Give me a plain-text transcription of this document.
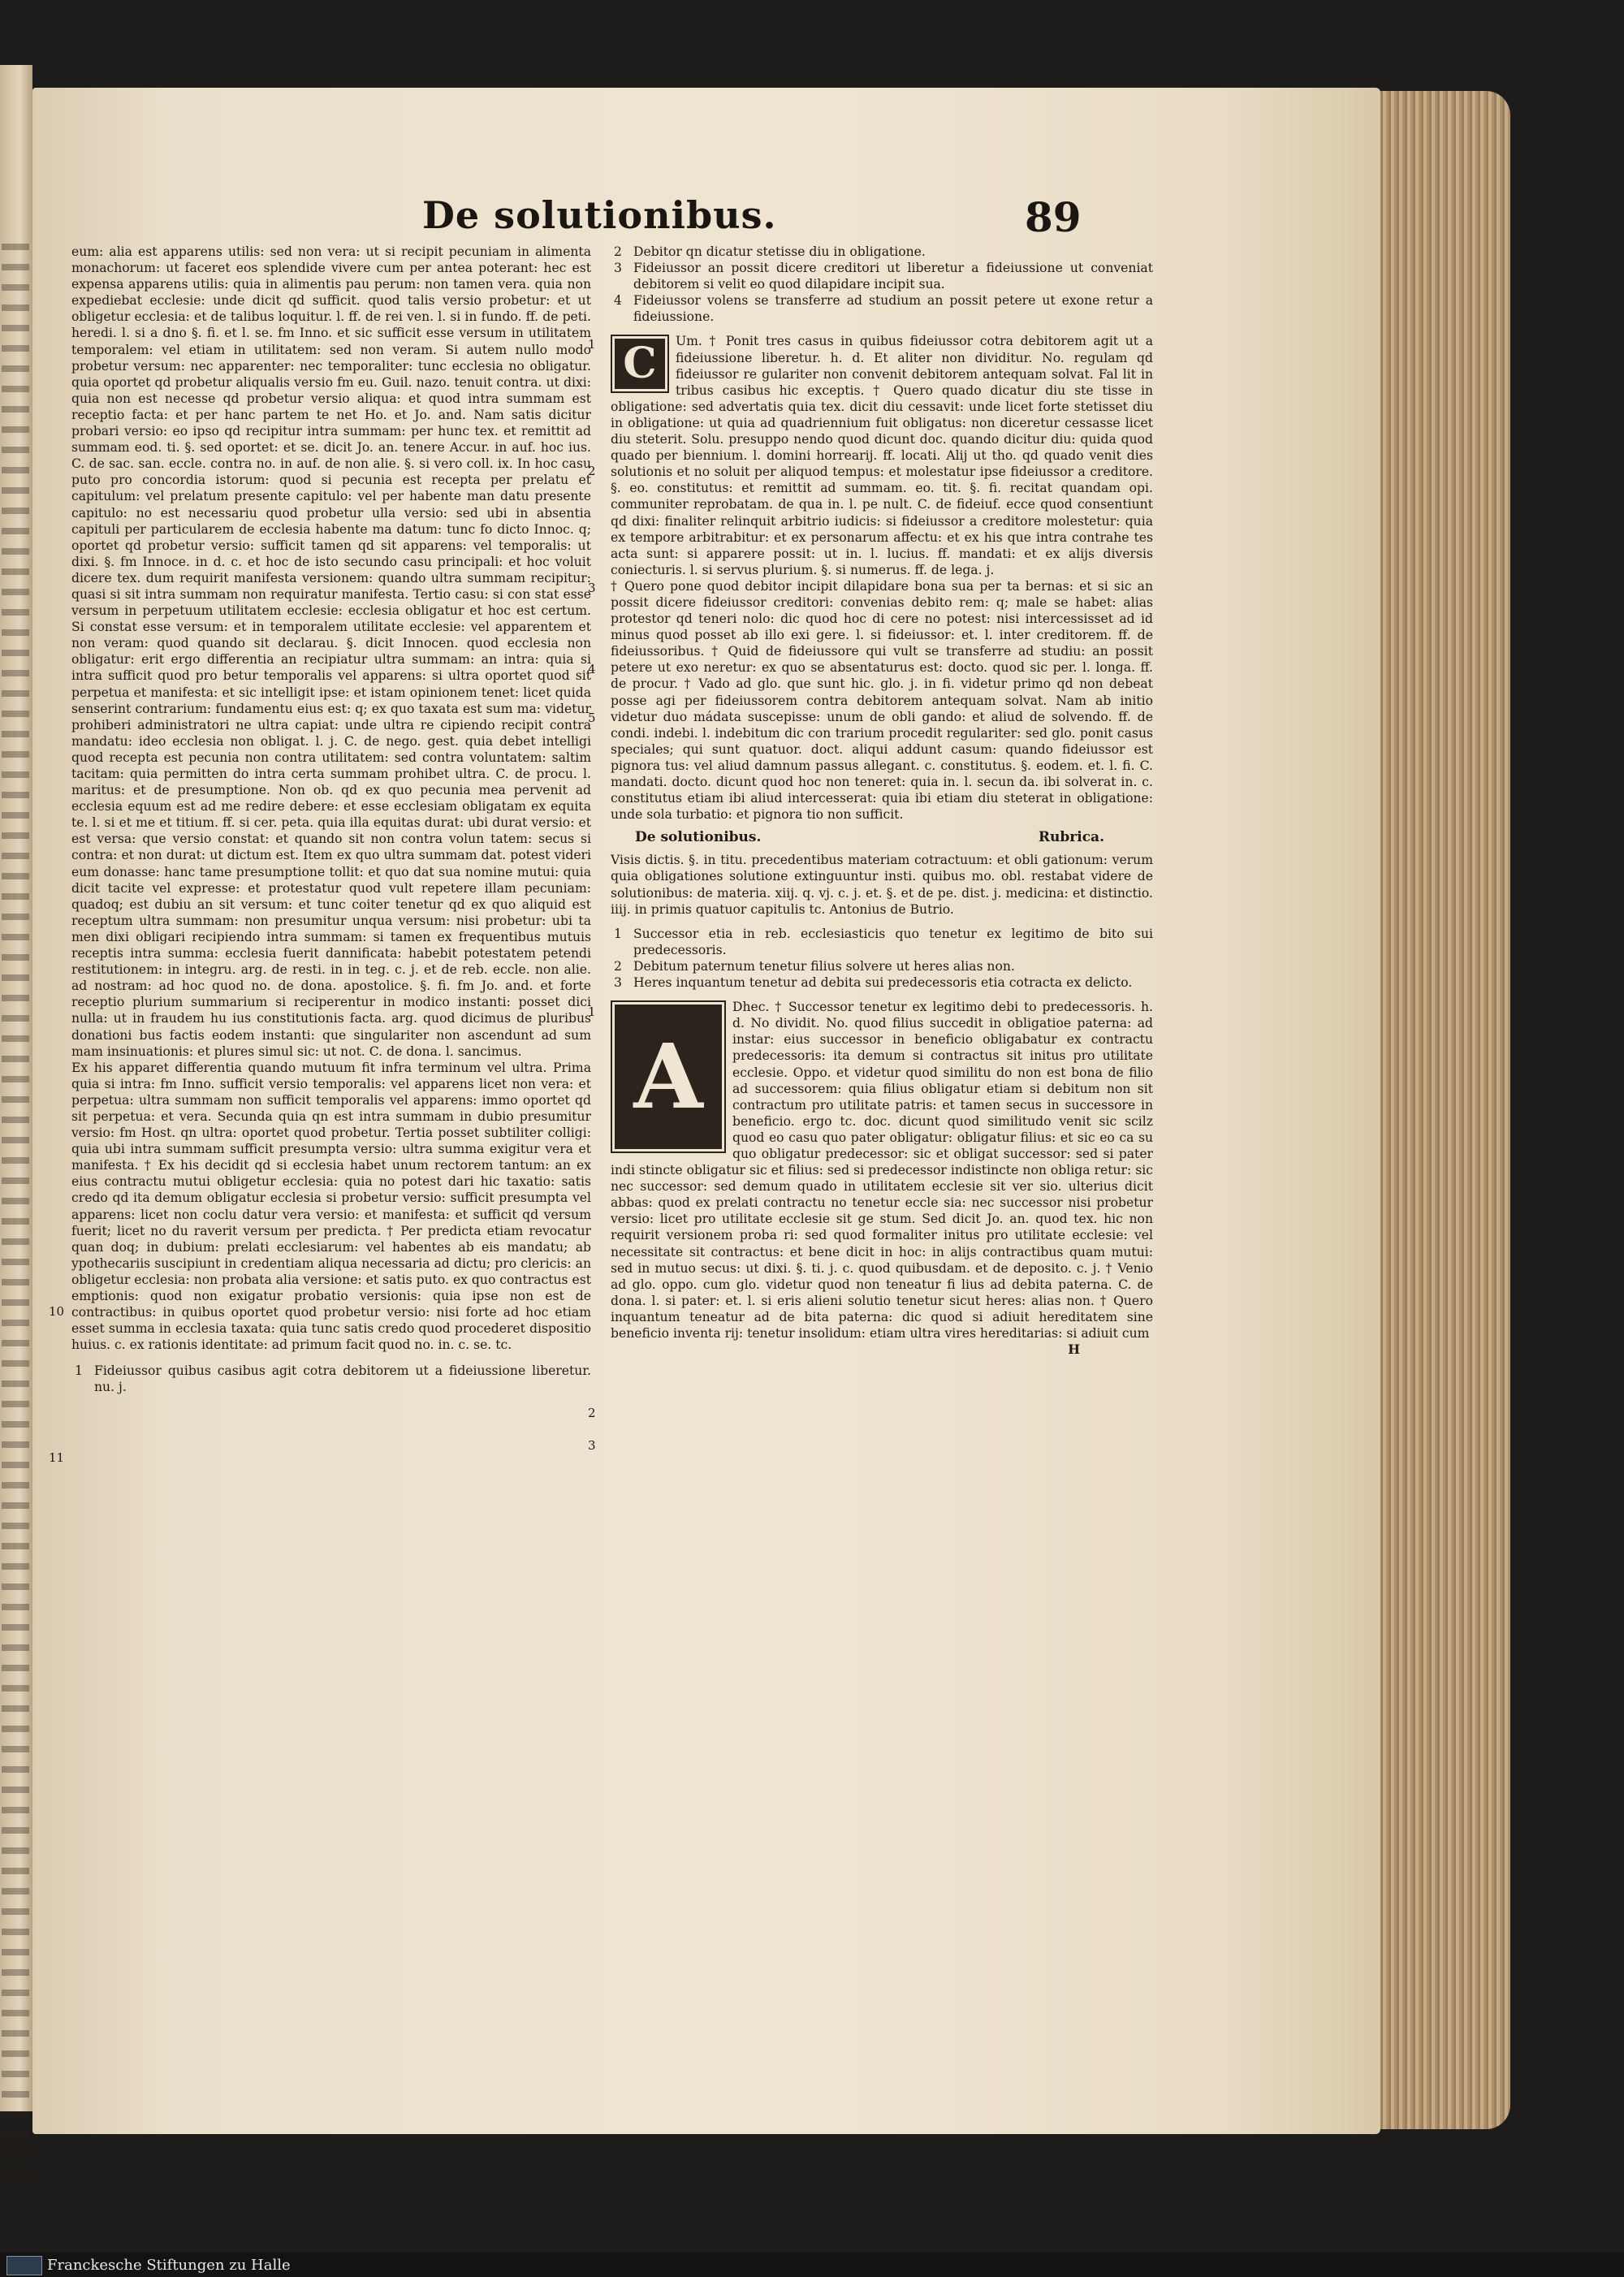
De solutionibus.	89

eum: alia est apparens utilis: sed non vera: ut si recipit pecuniam in alimenta monachorum: ut faceret eos splendide vivere cum per antea poterant: hec est expensa apparens utilis: quia in alimentis pau perum: non tamen vera. quia non expediebat ecclesie: unde dicit qd sufficit. quod talis versio probetur: et ut obligetur ecclesia: et de talibus loquitur. l. ff. de rei ven. l. si in fundo. ff. de peti. heredi. l. si a dno §. fi. et l. se. fm Inno. et sic sufficit esse versum in utilitatem temporalem: vel etiam in utilitatem: sed non veram. Si autem nullo modo probetur versum: nec apparenter: nec temporaliter: tunc ecclesia no obligatur. quia oportet qd probetur aliqualis versio fm eu. Guil. nazo. tenuit contra. ut dixi: quia non est necesse qd probetur versio aliqua: et quod intra summam est receptio facta: et per hanc partem te net Ho. et Jo. and. Nam satis dicitur probari versio: eo ipso qd recipitur intra summam: per hunc tex. et remittit ad summam eod. ti. §. sed oportet: et se. dicit Jo. an. tenere Accur. in auf. hoc ius. C. de sac. san. eccle. contra no. in auf. de non alie. §. si vero coll. ix. In hoc casu puto pro concordia istorum: quod si pecunia est recepta per prelatu et capitulum: vel prelatum presente capitulo: vel per habente man datu presente capitulo: no est necessariu quod probetur ulla versio: sed ubi in absentia capituli per particularem de ecclesia habente ma datum: tunc fo dicto Innoc. q; oportet qd probetur versio: sufficit tamen qd sit apparens: vel temporalis: ut dixi. §. fm Innoce. in d. c. et hoc de isto secundo casu principali: et hoc voluit dicere tex. dum requirit manifesta versionem: quando ultra summam recipitur: quasi si sit intra summam non requiratur manifesta. Tertio casu: si con stat esse versum in perpetuum utilitatem ecclesie: ecclesia obligatur et hoc est certum. Si constat esse versum: et in temporalem utilitate ecclesie: vel apparentem et non veram: quod quando sit declarau. §. dicit Innocen. quod ecclesia non obligatur: erit ergo differentia an recipiatur ultra summam: an intra: quia si intra sufficit quod pro betur temporalis vel apparens: si ultra oportet quod sit perpetua et manifesta: et sic intelligit ipse: et istam opinionem tenet: licet quida senserint contrarium: fundamentu eius est: q; ex quo taxata est sum ma: videtur prohiberi administratori ne ultra capiat: unde ultra re cipiendo recipit contra mandatu: ideo ecclesia non obligat. l. j. C. de nego. gest. quia debet intelligi quod recepta est pecunia non contra utilitatem: sed contra voluntatem: saltim tacitam: quia permitten do intra certa summam prohibet ultra. C. de procu. l. maritus: et de presumptione. Non ob. qd ex quo pecunia mea pervenit ad ecclesia equum est ad me redire debere: et esse ecclesiam obligatam ex equita te. l. si et me et titium. ff. si cer. peta. quia illa equitas durat: ubi durat versio: et est versa: que versio constat: et quando sit non contra volun tatem: secus si contra: et non durat: ut dictum est. Item ex quo ultra summam dat. potest videri eum donasse: hanc tame presumptione tollit: et quo dat sua nomine mutui: quia dicit tacite vel expresse: et protestatur quod vult repetere illam pecuniam: quadoq; est dubiu an sit versum: et tunc coiter tenetur qd ex quo aliquid est receptum ultra summam: non presumitur unqua versum: nisi probetur: ubi ta men dixi obligari recipiendo intra summam: si tamen ex frequentibus mutuis receptis intra summa: ecclesia fuerit dannificata: habebit potestatem petendi restitutionem: in integru. arg. de resti. in in teg. c. j. et de reb. eccle. non alie. ad nostram: ad hoc quod no. de dona. apostolice. §. fi. fm Jo. and. et forte receptio plurium summarium si reciperentur in modico instanti: posset dici nulla: ut in fraudem hu ius constitutionis facta. arg. quod dicimus de pluribus donationi bus factis eodem instanti: que singulariter non ascendunt ad sum mam insinuationis: et plures simul sic: ut not. C. de dona. l. sancimus.

10
11

Ex his apparet differentia quando mutuum fit infra terminum vel ultra. Prima quia si intra: fm Inno. sufficit versio temporalis: vel apparens licet non vera: et perpetua: ultra summam non sufficit temporalis vel apparens: immo oportet qd sit perpetua: et vera. Secunda quia qn est intra summam in dubio presumitur versio: fm Host. qn ultra: oportet quod probetur. Tertia posset subtiliter colligi: quia ubi intra summam sufficit presumpta versio: ultra summa exigitur vera et manifesta. † Ex his decidit qd si ecclesia habet unum rectorem tantum: an ex eius contractu mutui obligetur ecclesia: quia no potest dari hic taxatio: satis credo qd ita demum obligatur ecclesia si probetur versio: sufficit presumpta vel apparens: licet non coclu datur vera versio: et manifesta: et sufficit qd versum fuerit; licet no du raverit versum per predicta. † Per predicta etiam revocatur quan doq; in dubium: prelati ecclesiarum: vel habentes ab eis mandatu; ab ypothecariis suscipiunt in credentiam aliqua necessaria ad dictu; pro clericis: an obligetur ecclesia: non probata alia versione: et satis puto. ex quo contractus est emptionis: quod non exigatur probatio versionis: quia ipse non est de contractibus: in quibus oportet quod probetur versio: nisi forte ad hoc etiam esset summa in ecclesia taxata: quia tunc satis credo quod procederet dispositio huius. c. ex rationis identitate: ad primum facit quod no. in. c. se. tc.

1 Fideiussor quibus casibus agit cotra debitorem ut a fideiussione liberetur. nu. j.
2 Debitor qn dicatur stetisse diu in obligatione.
3 Fideiussor an possit dicere creditori ut liberetur a fideiussione ut conveniat debitorem si velit eo quod dilapidare incipit sua.
4 Fideiussor volens se transferre ad studium an possit petere ut exone retur a fideiussione.
1
2
C	Um. † Ponit tres casus in quibus fideiussor cotra debitorem agit ut a fideiussione liberetur. h. d. Et aliter non dividitur. No. regulam qd fideiussor re gulariter non convenit debitorem antequam solvat. Fal lit in tribus casibus hic exceptis. † Quero quado dicatur diu ste tisse in obligatione: sed advertatis quia tex. dicit diu cessavit: unde licet forte stetisset diu in obligatione: ut quia ad quadriennium fuit obligatus: non diceretur cessasse licet diu steterit. Solu. presuppo nendo quod dicunt doc. quando dicitur diu: quida quod quado per biennium. l. domini horrearij. ff. locati. Alij ut tho. qd quado venit dies solutionis et no soluit per aliquod tempus: et molestatur ipse fideiussor a creditore. §. eo. constitutus: et remittit ad summam. eo. tit. §. fi. recitat quandam opi. communiter reprobatam. de qua in. l. pe nult. C. de fideiuf. ecce quod consentiunt qd dixi: finaliter relinquit arbitrio iudicis: si fideiussor a creditore molestetur: quia ex tempore arbitrabitur: et ex personarum affectu: et ex his que intra contrahe tes acta sunt: si apparere possit: ut in. l. lucius. ff. mandati: et ex alijs diversis coniecturis. l. si servus plurium. §. si numerus. ff. de lega. j.

3
4
5

† Quero pone quod debitor incipit dilapidare bona sua per ta bernas: et si sic an possit dicere fideiussor creditori: convenias debito rem: q; male se habet: alias protestor qd teneri nolo: dic quod hoc di cere no potest: nisi intercessisset ad id minus quod posset ab illo exi gere. l. si fideiussor: et. l. inter creditorem. ff. de fideiussoribus. † Quid de fideiussore qui vult se transferre ad studiu: an possit petere ut exo neretur: ex quo se absentaturus est: docto. quod sic per. l. longa. ff. de procur. † Vado ad glo. que sunt hic. glo. j. in fi. videtur primo qd non debeat posse agi per fideiussorem contra debitorem antequam solvat. Nam ab initio videtur duo mádata suscepisse: unum de obli gando: et aliud de solvendo. ff. de condi. indebi. l. indebitum dic con trarium procedit regulariter: sed glo. ponit casus speciales; qui sunt quatuor. doct. aliqui addunt casum: quando fideiussor est pignora tus: vel aliud damnum passus allegant. c. constitutus. §. eodem. et. l. fi. C. mandati. docto. dicunt quod hoc non teneret: quia in. l. secun da. ibi solverat in. c. constitutus etiam ibi aliud intercesserat: quia ibi etiam diu steterat in obligatione: unde sola turbatio: et pignora tio non sufficit.

De solutionibus.	Rubrica.

Visis dictis. §. in titu. precedentibus materiam cotractuum: et obli gationum: verum quia obligationes solutione extinguuntur insti. quibus mo. obl. restabat videre de solutionibus: de materia. xiij. q. vj. c. j. et. §. et de pe. dist. j. medicina: et distinctio. iiij. in primis quatuor capitulis tc. Antonius de Butrio.

1 Successor etia in reb. ecclesiasticis quo tenetur ex legitimo de bito sui predecessoris.
2 Debitum paternum tenetur filius solvere ut heres alias non.
3 Heres inquantum tenetur ad debita sui predecessoris etia cotracta ex delicto.
1
2
3
A

Dhec. † Successor tenetur ex legitimo debi to predecessoris. h. d. No dividit. No. quod filius succedit in obligatioe paterna: ad instar: eius successor in beneficio obligabatur ex contractu predecessoris: ita demum si contractus sit initus pro utilitate ecclesie. Oppo. et videtur quod similitu do non est bona de filio ad successorem: quia filius obligatur etiam si debitum non sit contractum pro utilitate patris: et tamen secus in successore in beneficio. ergo tc. doc. dicunt quod similitudo venit sic scilz quod eo casu quo pater obligatur: obligatur filius: et sic eo ca su quo obligatur predecessor: sic et obligat successor: sed si pater indi stincte obligatur sic et filius: sed si predecessor indistincte non obliga retur: sic nec successor: sed demum quado in utilitatem ecclesie sit ver sio. ulterius dicit abbas: quod ex prelati contractu no tenetur eccle sia: nec successor nisi probetur versio: licet pro utilitate ecclesie sit ge stum. Sed dicit Jo. an. quod tex. hic non requirit versionem proba ri: sed quod formaliter initus pro utilitate ecclesie: vel necessitate sit contractus: et bene dicit in hoc: in alijs contractibus quam mutui: sed in mutuo secus: ut dixi. §. ti. j. c. quod quibusdam. et de deposito. c. j. † Venio ad glo. oppo. cum glo. videtur quod non teneatur fi lius ad debita paterna. C. de dona. l. si pater: et. l. si eris alieni solutio tenetur sicut heres: alias non. † Quero inquantum teneatur ad de bita paterna: dic quod si adiuit hereditatem sine beneficio inventa rij: tenetur insolidum: etiam ultra vires hereditarias: si adiuit cum

H
Franckesche Stiftungen zu Halle
